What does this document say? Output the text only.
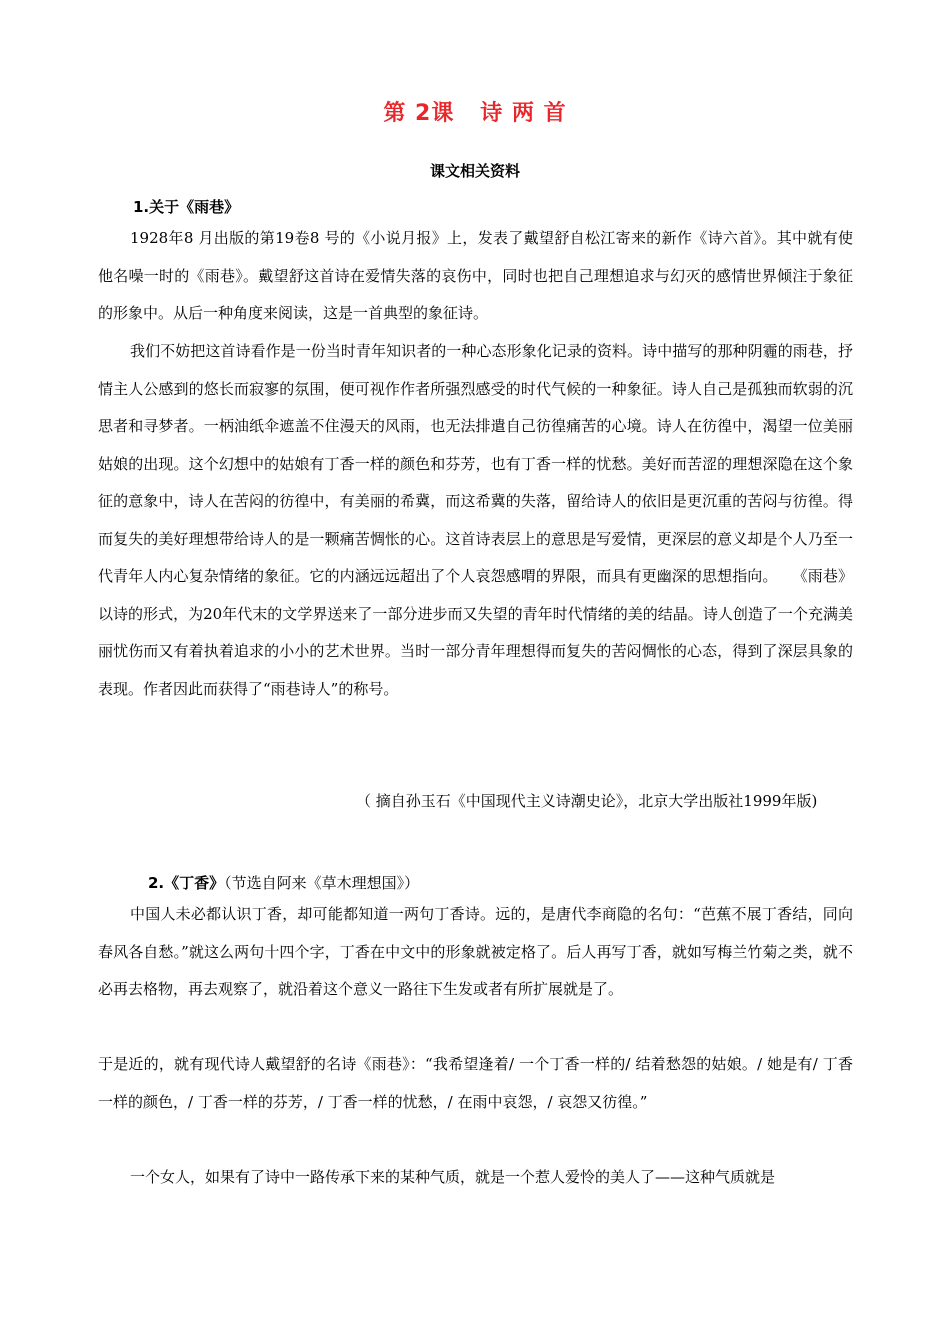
第 2课   诗 两 首
课文相关资料
1.关于《雨巷》

1928年8 月出版的第19卷8 号的《小说月报》上，发表了戴望舒自松江寄来的新作《诗六首》。其中就有使他名噪一时的《雨巷》。戴望舒这首诗在爱情失落的哀伤中，同时也把自己理想追求与幻灭的感情世界倾注于象征的形象中。从后一种角度来阅读，这是一首典型的象征诗。

我们不妨把这首诗看作是一份当时青年知识者的一种心态形象化记录的资料。诗中描写的那种阴霾的雨巷，抒情主人公感到的悠长而寂寥的氛围，便可视作作者所强烈感受的时代气候的一种象征。诗人自己是孤独而软弱的沉思者和寻梦者。一柄油纸伞遮盖不住漫天的风雨，也无法排遣自己彷徨痛苦的心境。诗人在彷徨中，渴望一位美丽姑娘的出现。这个幻想中的姑娘有丁香一样的颜色和芬芳，也有丁香一样的忧愁。美好而苦涩的理想深隐在这个象征的意象中，诗人在苦闷的彷徨中，有美丽的希冀，而这希冀的失落，留给诗人的依旧是更沉重的苦闷与彷徨。得而复失的美好理想带给诗人的是一颗痛苦惆怅的心。这首诗表层上的意思是写爱情，更深层的意义却是个人乃至一代青年人内心复杂情绪的象征。它的内涵远远超出了个人哀怨感喟的界限，而具有更幽深的思想指向。　　《雨巷》以诗的形式，为20年代末的文学界送来了一部分进步而又失望的青年时代情绪的美的结晶。诗人创造了一个充满美丽忧伤而又有着执着追求的小小的艺术世界。当时一部分青年理想得而复失的苦闷惆怅的心态，得到了深层具象的表现。作者因此而获得了“雨巷诗人”的称号。

（ 摘自孙玉石《中国现代主义诗潮史论》，北京大学出版社1999年版)

2.《丁香》（节选自阿来《草木理想国》）

中国人未必都认识丁香，却可能都知道一两句丁香诗。远的，是唐代李商隐的名句：“芭蕉不展丁香结，同向春风各自愁。”就这么两句十四个字，丁香在中文中的形象就被定格了。后人再写丁香，就如写梅兰竹菊之类，就不必再去格物，再去观察了，就沿着这个意义一路往下生发或者有所扩展就是了。

于是近的，就有现代诗人戴望舒的名诗《雨巷》：“我希望逢着/ 一个丁香一样的/ 结着愁怨的姑娘。/ 她是有/ 丁香一样的颜色，/ 丁香一样的芬芳，/ 丁香一样的忧愁，/ 在雨中哀怨，/ 哀怨又彷徨。”

一个女人，如果有了诗中一路传承下来的某种气质，就是一个惹人爱怜的美人了——这种气质就是
